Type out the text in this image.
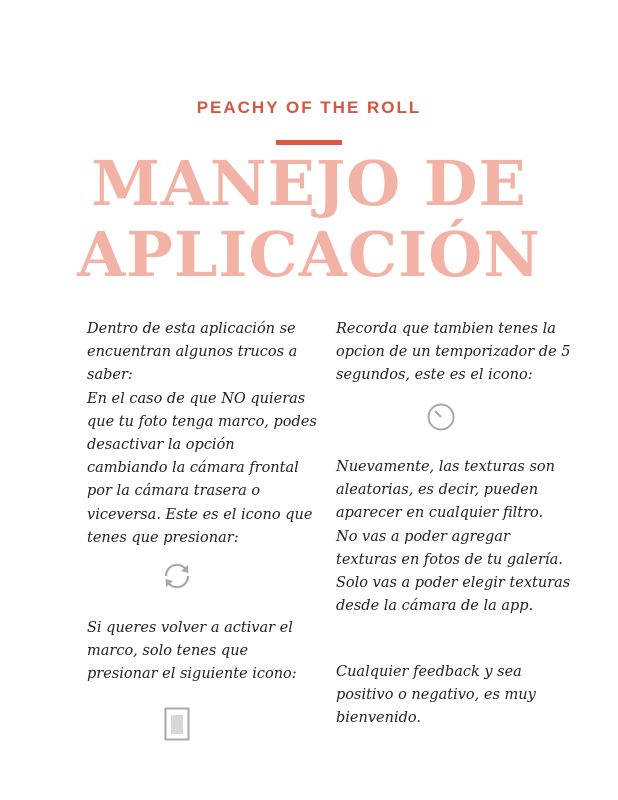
PEACHY OF THE ROLL
MANEJO DE
APLICACIÓN

Dentro de esta aplicación se
encuentran algunos trucos a
saber:
En el caso de que NO quieras
que tu foto tenga marco, podes
desactivar la opción
cambiando la cámara frontal
por la cámara trasera o
viceversa. Este es el icono que
tenes que presionar:

Si queres volver a activar el
marco, solo tenes que
presionar el siguiente icono:

Recorda que tambien tenes la
opcion de un temporizador de 5
segundos, este es el icono:

Nuevamente, las texturas son
aleatorias, es decir, pueden
aparecer en cualquier filtro.
No vas a poder agregar
texturas en fotos de tu galería.
Solo vas a poder elegir texturas
desde la cámara de la app.

Cualquier feedback y sea
positivo o negativo, es muy
bienvenido.
